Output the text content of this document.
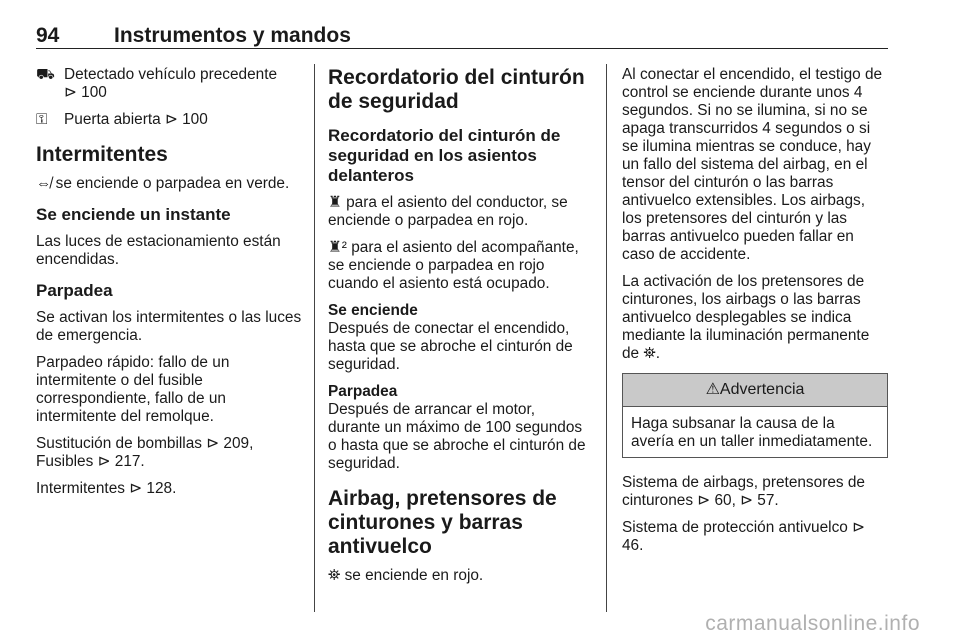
94	Instrumentos y mandos
⛟ Detectado vehículo precedente
⊳ 100
⚿	Puerta abierta ⊳ 100
Intermitentes

⇎ se enciende o parpadea en verde.

Se enciende un instante

Las luces de estacionamiento están encendidas.

Parpadea

Se activan los intermitentes o las luces de emergencia.

Parpadeo rápido: fallo de un intermitente o del fusible correspondiente, fallo de un intermitente del remolque.

Sustitución de bombillas ⊳ 209, Fusibles ⊳ 217.

Intermitentes ⊳ 128.

Recordatorio del cinturón de seguridad
Recordatorio del cinturón de seguridad en los asientos delanteros

♜ para el asiento del conductor, se enciende o parpadea en rojo.

♜² para el asiento del acompañante, se enciende o parpadea en rojo cuando el asiento está ocupado.

Se enciende

Después de conectar el encendido, hasta que se abroche el cinturón de seguridad.

Parpadea

Después de arrancar el motor, durante un máximo de 100 segundos o hasta que se abroche el cinturón de seguridad.

Airbag, pretensores de cinturones y barras antivuelco

⛯ se enciende en rojo.

Al conectar el encendido, el testigo de control se enciende durante unos 4 segundos. Si no se ilumina, si no se apaga transcurridos 4 segundos o si se ilumina mientras se conduce, hay un fallo del sistema del airbag, en el tensor del cinturón o las barras antivuelco extensibles. Los airbags, los pretensores del cinturón y las barras antivuelco pueden fallar en caso de accidente.

La activación de los pretensores de cinturones, los airbags o las barras antivuelco desplegables se indica mediante la iluminación permanente de ⛯.

⚠Advertencia
Haga subsanar la causa de la avería en un taller inmediatamente.

Sistema de airbags, pretensores de cinturones ⊳ 60, ⊳ 57.

Sistema de protección antivuelco ⊳ 46.

carmanualsonline.info
